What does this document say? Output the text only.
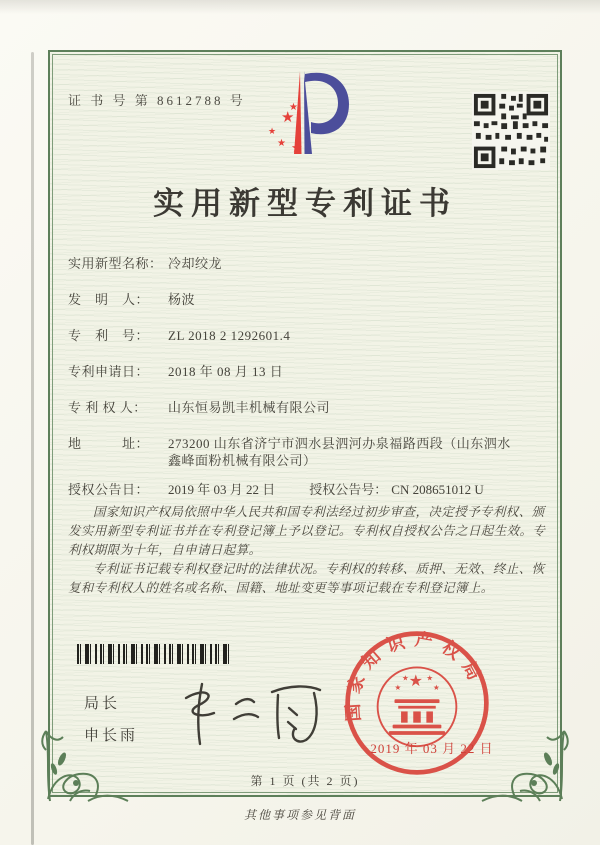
证 书 号 第 8612788 号
★
★
★
★ ★
实用新型专利证书
实用新型名称： 冷却绞龙
发　明　人：	杨波
专　利　号：	ZL 2018 2 1292601.4
专利申请日：	2018 年 08 月 13 日
专 利 权 人：	山东恒易凯丰机械有限公司
地　　　址：	273200 山东省济宁市泗水县泗河办泉福路西段（山东泗水鑫峰面粉机械有限公司）
授权公告日：	2019 年 03 月 22 日	授权公告号： CN 208651012 U

国家知识产权局依照中华人民共和国专利法经过初步审查，决定授予专利权、颁发实用新型专利证书并在专利登记簿上予以登记。专利权自授权公告之日起生效。专利权期限为十年，自申请日起算。

专利证书记载专利权登记时的法律状况。专利权的转移、质押、无效、终止、恢复和专利权人的姓名或名称、国籍、地址变更等事项记载在专利登记簿上。

局长
申长雨
国家知识产权局
★
★
★ ★
★
2019 年 03 月 22 日
第 1 页 (共 2 页)
其他事项参见背面
